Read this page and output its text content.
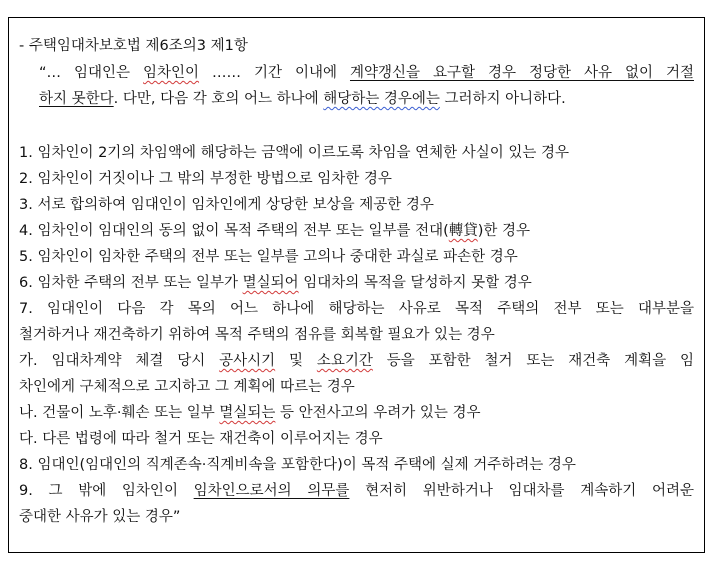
- 주택임대차보호법 제6조의3 제1항
“… 임대인은 임차인이 …… 기간 이내에 계약갱신을 요구할 경우 정당한 사유 없이 거절
하지 못한다. 다만, 다음 각 호의 어느 하나에 해당하는 경우에는 그러하지 아니하다.
1. 임차인이 2기의 차임액에 해당하는 금액에 이르도록 차임을 연체한 사실이 있는 경우
2. 임차인이 거짓이나 그 밖의 부정한 방법으로 임차한 경우
3. 서로 합의하여 임대인이 임차인에게 상당한 보상을 제공한 경우
4. 임차인이 임대인의 동의 없이 목적 주택의 전부 또는 일부를 전대(轉貸)한 경우
5. 임차인이 임차한 주택의 전부 또는 일부를 고의나 중대한 과실로 파손한 경우
6. 임차한 주택의 전부 또는 일부가 멸실되어 임대차의 목적을 달성하지 못할 경우
7. 임대인이 다음 각 목의 어느 하나에 해당하는 사유로 목적 주택의 전부 또는 대부분을
철거하거나 재건축하기 위하여 목적 주택의 점유를 회복할 필요가 있는 경우
가. 임대차계약 체결 당시 공사시기 및 소요기간 등을 포함한 철거 또는 재건축 계획을 임
차인에게 구체적으로 고지하고 그 계획에 따르는 경우
나. 건물이 노후·훼손 또는 일부 멸실되는 등 안전사고의 우려가 있는 경우
다. 다른 법령에 따라 철거 또는 재건축이 이루어지는 경우
8. 임대인(임대인의 직계존속·직계비속을 포함한다)이 목적 주택에 실제 거주하려는 경우
9. 그 밖에 임차인이 임차인으로서의 의무를 현저히 위반하거나 임대차를 계속하기 어려운
중대한 사유가 있는 경우”
